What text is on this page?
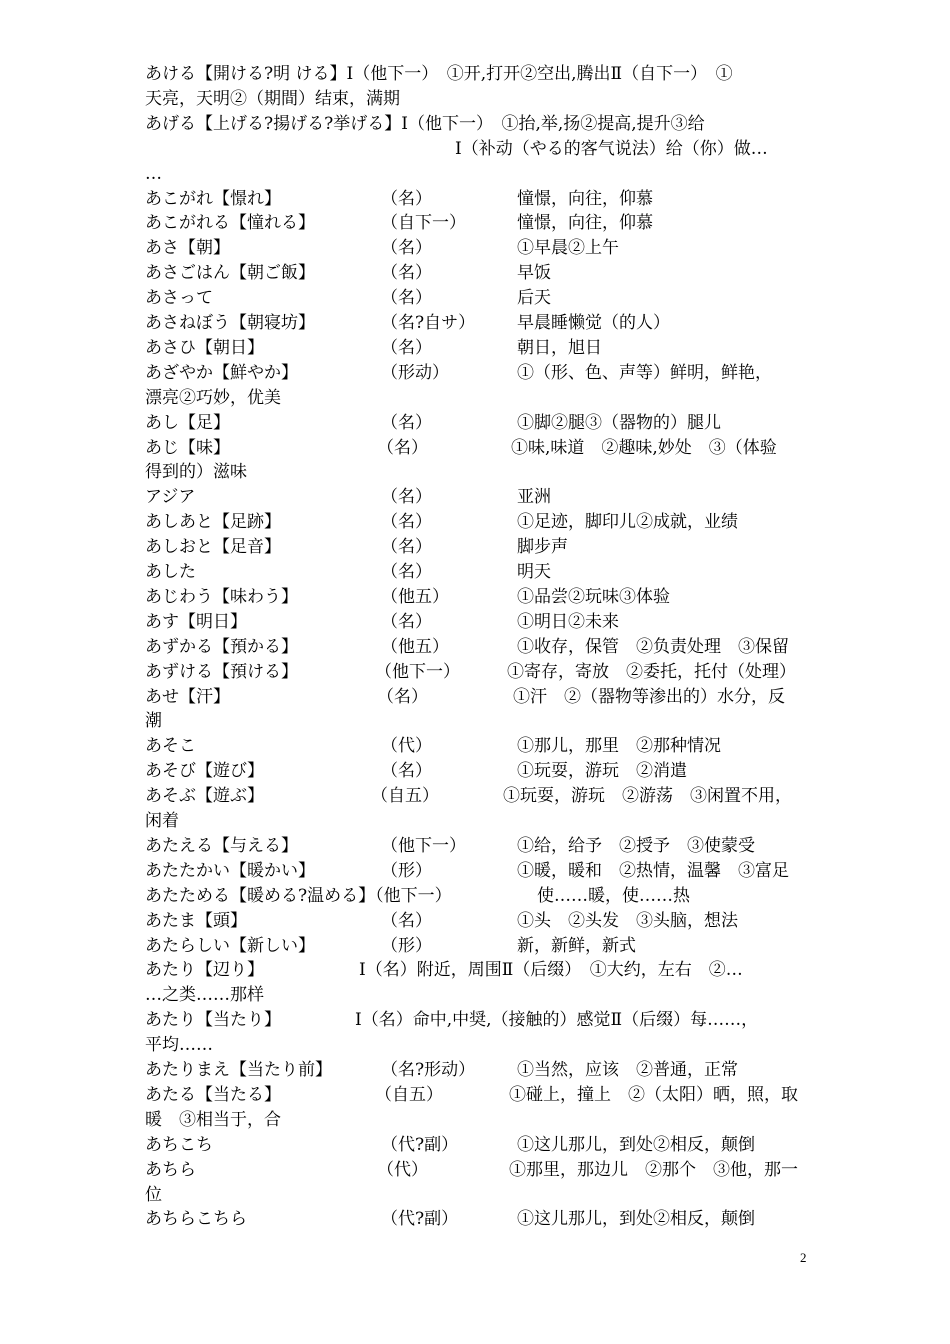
あける【開ける?明 ける】Ⅰ（他下一）　①开,打开②空出,腾出Ⅱ（自下一）　①
天亮，天明②（期間）结束，满期
あげる【上げる?揚げる?挙げる】Ⅰ（他下一）　①抬,举,扬②提高,提升③给
Ⅰ（补动（やる的客气说法）给（你）做…
…
あこがれ【憬れ】	（名）	憧憬，向往，仰慕
あこがれる【憧れる】	（自下一）	憧憬，向往，仰慕
あさ【朝】	（名）	①早晨②上午
あさごはん【朝ご飯】	（名）	早饭
あさって	（名）	后天
あさねぼう【朝寝坊】	（名?自サ） 早晨睡懒觉（的人）
あさひ【朝日】	（名）	朝日，旭日
あざやか【鮮やか】	（形动）	①（形、色、声等）鲜明，鲜艳，
漂亮②巧妙，优美
あし【足】	（名）	①脚②腿③（器物的）腿儿
あじ【味】	（名）	①味,味道　②趣味,妙处　③（体验
得到的）滋味
アジア	（名）	亚洲
あしあと【足跡】	（名）	①足迹，脚印儿②成就，业绩
あしおと【足音】	（名）	脚步声
あした	（名）	明天
あじわう【味わう】	（他五）	①品尝②玩味③体验
あす【明日】	（名）	①明日②未来
あずかる【預かる】	（他五）	①收存，保管　②负责处理　③保留
あずける【預ける】	（他下一）	①寄存，寄放　②委托，托付（处理）
あせ【汗】	（名）	①汗　②（器物等渗出的）水分，反
潮
あそこ	（代）	①那儿，那里　②那种情况
あそび【遊び】	（名）	①玩耍，游玩　②消遣
あそぶ【遊ぶ】	（自五）	①玩耍，游玩　②游荡　③闲置不用，
闲着
あたえる【与える】	（他下一）	①给，给予　②授予　③使蒙受
あたたかい【暖かい】	（形）	①暖，暖和　②热情，温馨　③富足
あたためる【暖める?温める】（他下一）	使……暖，使……热
あたま【頭】	（名）	①头　②头发　③头脑，想法
あたらしい【新しい】	（形）	新，新鲜，新式
あたり【辺り】	Ⅰ（名）附近，周围Ⅱ（后缀）　①大约，左右　②…
…之类……那样
あたり【当たり】	Ⅰ（名）命中,中奨,（接触的）感觉Ⅱ（后缀）每……，
平均……
あたりまえ【当たり前】	（名?形动） ①当然，应该　②普通，正常
あたる【当たる】	（自五）	①碰上，撞上　②（太阳）晒，照，取
暖　③相当于，合
あちこち	（代?副）	①这儿那儿，到处②相反，颠倒
あちら	（代）	①那里，那边儿　②那个　③他，那一
位
あちらこちら	（代?副）	①这儿那儿，到处②相反，颠倒
2
